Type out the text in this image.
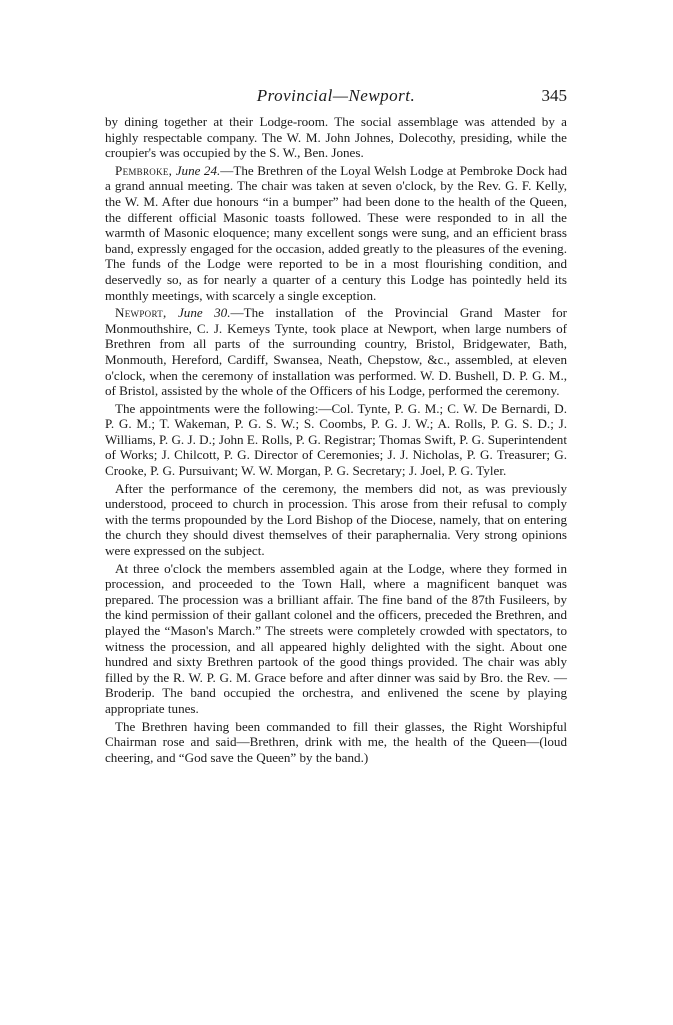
Provincial—Newport.	345

by dining together at their Lodge-room. The social assemblage was attended by a highly respectable company. The W. M. John Johnes, Dolecothy, presiding, while the croupier's was occupied by the S. W., Ben. Jones.

Pembroke, June 24.—The Brethren of the Loyal Welsh Lodge at Pembroke Dock had a grand annual meeting. The chair was taken at seven o'clock, by the Rev. G. F. Kelly, the W. M. After due honours “in a bumper” had been done to the health of the Queen, the different official Masonic toasts followed. These were responded to in all the warmth of Masonic eloquence; many excellent songs were sung, and an efficient brass band, expressly engaged for the occasion, added greatly to the pleasures of the evening. The funds of the Lodge were reported to be in a most flourishing condition, and deservedly so, as for nearly a quarter of a century this Lodge has pointedly held its monthly meetings, with scarcely a single exception.

Newport, June 30.—The installation of the Provincial Grand Master for Monmouthshire, C. J. Kemeys Tynte, took place at Newport, when large numbers of Brethren from all parts of the surrounding country, Bristol, Bridgewater, Bath, Monmouth, Hereford, Cardiff, Swansea, Neath, Chepstow, &c., assembled, at eleven o'clock, when the ceremony of installation was performed. W. D. Bushell, D. P. G. M., of Bristol, assisted by the whole of the Officers of his Lodge, performed the ceremony.

The appointments were the following:—Col. Tynte, P. G. M.; C. W. De Bernardi, D. P. G. M.; T. Wakeman, P. G. S. W.; S. Coombs, P. G. J. W.; A. Rolls, P. G. S. D.; J. Williams, P. G. J. D.; John E. Rolls, P. G. Registrar; Thomas Swift, P. G. Superintendent of Works; J. Chilcott, P. G. Director of Ceremonies; J. J. Nicholas, P. G. Treasurer; G. Crooke, P. G. Pursuivant; W. W. Morgan, P. G. Secretary; J. Joel, P. G. Tyler.

After the performance of the ceremony, the members did not, as was previously understood, proceed to church in procession. This arose from their refusal to comply with the terms propounded by the Lord Bishop of the Diocese, namely, that on entering the church they should divest themselves of their paraphernalia. Very strong opinions were expressed on the subject.

At three o'clock the members assembled again at the Lodge, where they formed in procession, and proceeded to the Town Hall, where a magnificent banquet was prepared. The procession was a brilliant affair. The fine band of the 87th Fusileers, by the kind permission of their gallant colonel and the officers, preceded the Brethren, and played the “Mason's March.” The streets were completely crowded with spectators, to witness the procession, and all appeared highly delighted with the sight. About one hundred and sixty Brethren partook of the good things provided. The chair was ably filled by the R. W. P. G. M. Grace before and after dinner was said by Bro. the Rev. — Broderip. The band occupied the orchestra, and enlivened the scene by playing appropriate tunes.

The Brethren having been commanded to fill their glasses, the Right Worshipful Chairman rose and said—Brethren, drink with me, the health of the Queen—(loud cheering, and “God save the Queen” by the band.)
